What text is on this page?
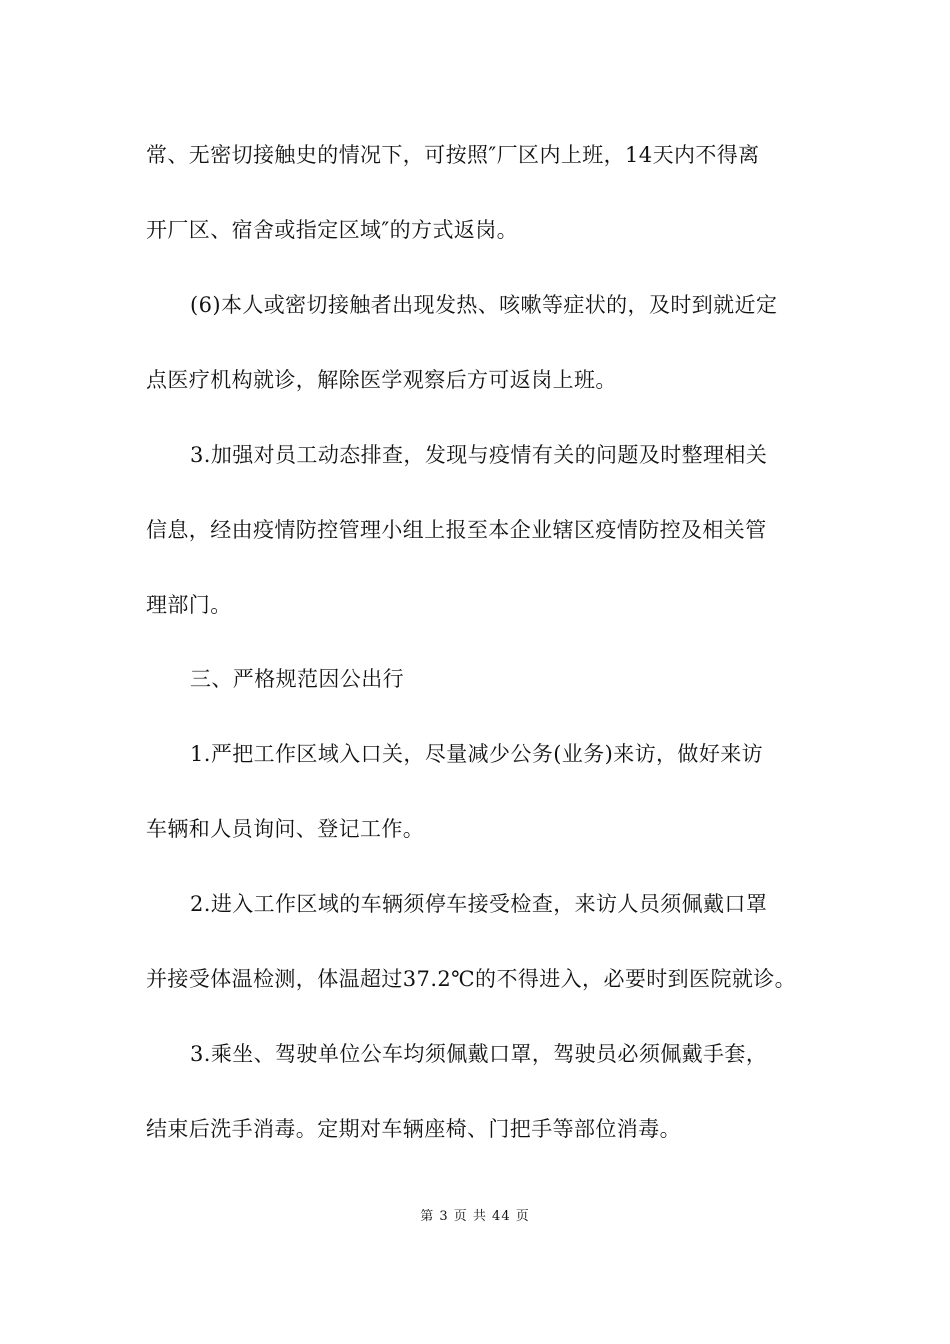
常、无密切接触史的情况下，可按照″厂区内上班，14天内不得离
开厂区、宿舍或指定区域″的方式返岗。
(6)本人或密切接触者出现发热、咳嗽等症状的，及时到就近定
点医疗机构就诊，解除医学观察后方可返岗上班。
3.加强对员工动态排查，发现与疫情有关的问题及时整理相关
信息，经由疫情防控管理小组上报至本企业辖区疫情防控及相关管
理部门。
三、严格规范因公出行
1.严把工作区域入口关，尽量减少公务(业务)来访，做好来访
车辆和人员询问、登记工作。
2.进入工作区域的车辆须停车接受检查，来访人员须佩戴口罩
并接受体温检测，体温超过37.2℃的不得进入，必要时到医院就诊。
3.乘坐、驾驶单位公车均须佩戴口罩，驾驶员必须佩戴手套，
结束后洗手消毒。定期对车辆座椅、门把手等部位消毒。
第 3 页 共 44 页
